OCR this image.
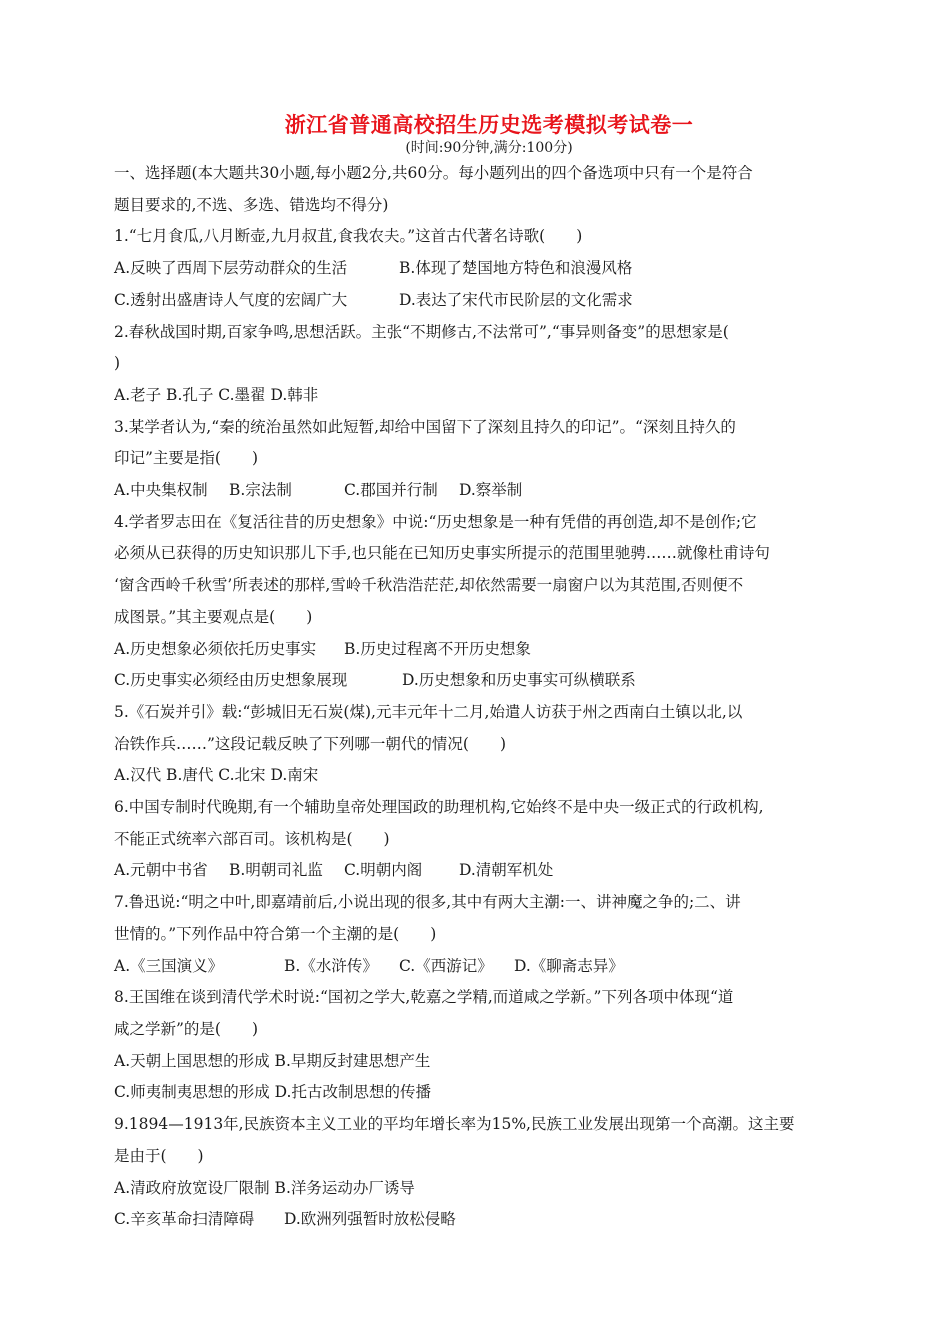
浙江省普通高校招生历史选考模拟考试卷一
(时间:90分钟,满分:100分)
一、选择题(本大题共30小题,每小题2分,共60分。每小题列出的四个备选项中只有一个是符合
题目要求的,不选、多选、错选均不得分)
1.“七月食瓜,八月断壶,九月叔苴,食我农夫。”这首古代著名诗歌(　　)
A.反映了西周下层劳动群众的生活	B.体现了楚国地方特色和浪漫风格
C.透射出盛唐诗人气度的宏阔广大	D.表达了宋代市民阶层的文化需求
2.春秋战国时期,百家争鸣,思想活跃。主张“不期修古,不法常可”,“事异则备变”的思想家是(
)
A.老子 B.孔子 C.墨翟 D.韩非
3.某学者认为,“秦的统治虽然如此短暂,却给中国留下了深刻且持久的印记”。“深刻且持久的
印记”主要是指(　　)
A.中央集权制	B.宗法制	C.郡国并行制	D.察举制
4.学者罗志田在《复活往昔的历史想象》中说:“历史想象是一种有凭借的再创造,却不是创作;它
必须从已获得的历史知识那儿下手,也只能在已知历史事实所提示的范围里驰骋……就像杜甫诗句
‘窗含西岭千秋雪’所表述的那样,雪岭千秋浩浩茫茫,却依然需要一扇窗户以为其范围,否则便不
成图景。”其主要观点是(　　)
A.历史想象必须依托历史事实	B.历史过程离不开历史想象
C.历史事实必须经由历史想象展现	D.历史想象和历史事实可纵横联系
5.《石炭并引》载:“彭城旧无石炭(煤),元丰元年十二月,始遣人访获于州之西南白土镇以北,以
冶铁作兵……”这段记载反映了下列哪一朝代的情况(　　)
A.汉代 B.唐代 C.北宋 D.南宋
6.中国专制时代晚期,有一个辅助皇帝处理国政的助理机构,它始终不是中央一级正式的行政机构,
不能正式统率六部百司。该机构是(　　)
A.元朝中书省	B.明朝司礼监	C.明朝内阁	D.清朝军机处
7.鲁迅说:“明之中叶,即嘉靖前后,小说出现的很多,其中有两大主潮:一、讲神魔之争的;二、讲
世情的。”下列作品中符合第一个主潮的是(　　)
A.《三国演义》	B.《水浒传》	C.《西游记》	D.《聊斋志异》
8.王国维在谈到清代学术时说:“国初之学大,乾嘉之学精,而道咸之学新。”下列各项中体现“道
咸之学新”的是(　　)
A.天朝上国思想的形成 B.早期反封建思想产生
C.师夷制夷思想的形成 D.托古改制思想的传播
9.1894—1913年,民族资本主义工业的平均年增长率为15%,民族工业发展出现第一个高潮。这主要
是由于(　　)
A.清政府放宽设厂限制 B.洋务运动办厂诱导
C.辛亥革命扫清障碍	D.欧洲列强暂时放松侵略
